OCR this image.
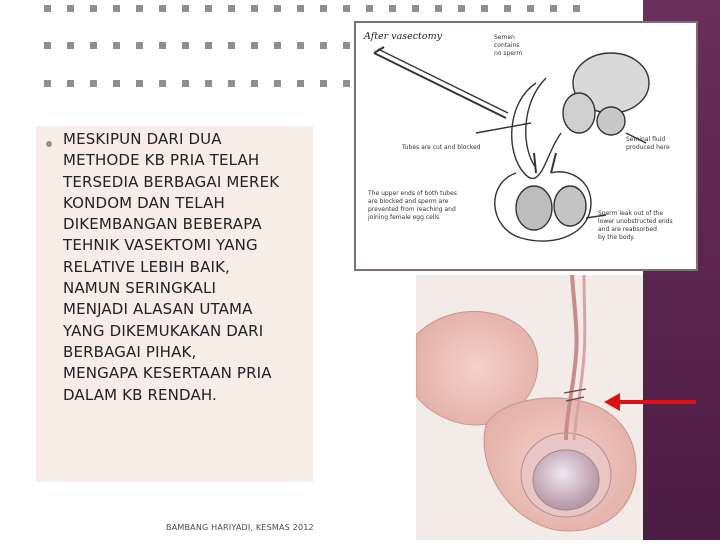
MESKIPUN DARI DUA
METHODE KB PRIA TELAH
TERSEDIA BERBAGAI MEREK
KONDOM DAN TELAH
DIKEMBANGAN BEBERAPA
TEHNIK VASEKTOMI YANG
RELATIVE LEBIH BAIK,
NAMUN SERINGKALI
MENJADI ALASAN UTAMA
YANG DIKEMUKAKAN DARI
BERBAGAI PIHAK,
MENGAPA KESERTAAN PRIA
DALAM KB RENDAH.

BAMBANG HARIYADI, KESMAS 2012
After vasectomy	Semen contains no sperm
Seminal fluid produced here
Tubes are cut and blocked
The upper ends of both tubes are blocked and sperm are prevented from reaching and joining female egg cells
Sperm leak out of the lower unobstructed ends and are reabsorbed by the body.
